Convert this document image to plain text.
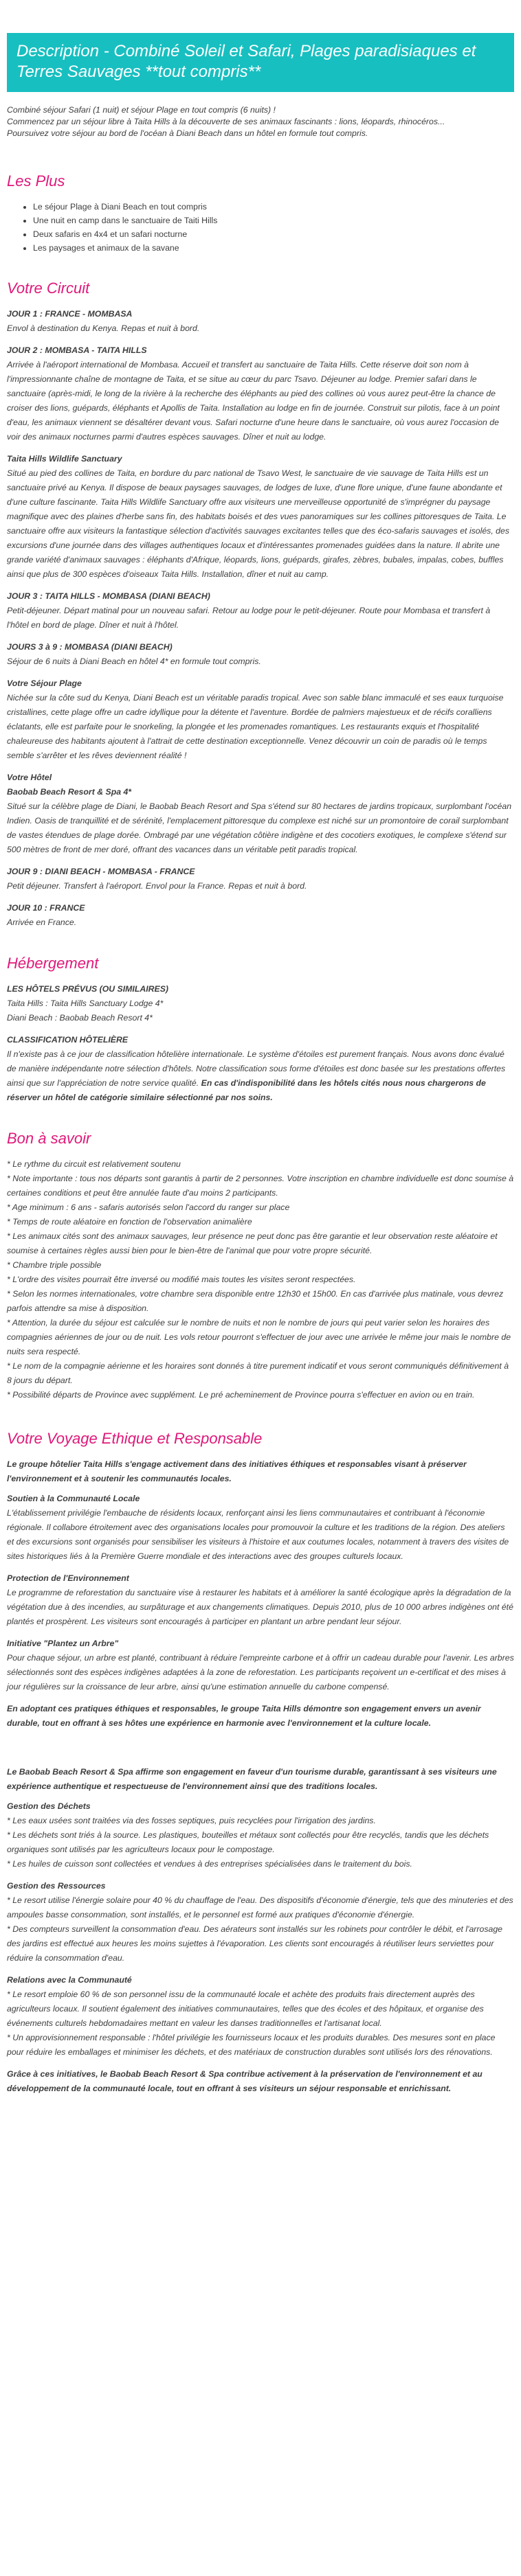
Description - Combiné Soleil et Safari, Plages paradisiaques et Terres Sauvages **tout compris**

Combiné séjour Safari (1 nuit) et séjour Plage en tout compris (6 nuits) !

Commencez par un séjour libre à Taita Hills à la découverte de ses animaux fascinants : lions, léopards, rhinocéros...

Poursuivez votre séjour au bord de l'océan à Diani Beach dans un hôtel en formule tout compris.

Les Plus
• Le séjour Plage à Diani Beach en tout compris
• Une nuit en camp dans le sanctuaire de Taiti Hills
• Deux safaris en 4x4 et un safari nocturne
• Les paysages et animaux de la savane
Votre Circuit
JOUR 1 : FRANCE - MOMBASA
Envol à destination du Kenya. Repas et nuit à bord.
JOUR 2 : MOMBASA - TAITA HILLS
Arrivée à l'aéroport international de Mombasa. Accueil et transfert au sanctuaire de Taita Hills. Cette réserve doit son nom à l'impressionnante chaîne de montagne de Taita, et se situe au cœur du parc Tsavo. Déjeuner au lodge. Premier safari dans le sanctuaire (après-midi, le long de la rivière à la recherche des éléphants au pied des collines où vous aurez peut-être la chance de croiser des lions, guépards, éléphants et Apollis de Taita. Installation au lodge en fin de journée. Construit sur pilotis, face à un point d'eau, les animaux viennent se désaltérer devant vous. Safari nocturne d'une heure dans le sanctuaire, où vous aurez l'occasion de voir des animaux nocturnes parmi d'autres espèces sauvages. Dîner et nuit au lodge.
Taita Hills Wildlife Sanctuary
Situé au pied des collines de Taita, en bordure du parc national de Tsavo West, le sanctuaire de vie sauvage de Taita Hills est un sanctuaire privé au Kenya. Il dispose de beaux paysages sauvages, de lodges de luxe, d'une flore unique, d'une faune abondante et d'une culture fascinante. Taita Hills Wildlife Sanctuary offre aux visiteurs une merveilleuse opportunité de s'imprégner du paysage magnifique avec des plaines d'herbe sans fin, des habitats boisés et des vues panoramiques sur les collines pittoresques de Taita. Le sanctuaire offre aux visiteurs la fantastique sélection d'activités sauvages excitantes telles que des éco-safaris sauvages et isolés, des excursions d'une journée dans des villages authentiques locaux et d'intéressantes promenades guidées dans la nature. Il abrite une grande variété d'animaux sauvages : éléphants d'Afrique, léopards, lions, guépards, girafes, zèbres, bubales, impalas, cobes, buffles ainsi que plus de 300 espèces d'oiseaux Taita Hills. Installation, dîner et nuit au camp.
JOUR 3 : TAITA HILLS - MOMBASA (DIANI BEACH)
Petit-déjeuner. Départ matinal pour un nouveau safari. Retour au lodge pour le petit-déjeuner. Route pour Mombasa et transfert à l'hôtel en bord de plage. Dîner et nuit à l'hôtel.
JOURS 3 à 9 : MOMBASA (DIANI BEACH)
Séjour de 6 nuits à Diani Beach en hôtel 4* en formule tout compris.
Votre Séjour Plage
Nichée sur la côte sud du Kenya, Diani Beach est un véritable paradis tropical. Avec son sable blanc immaculé et ses eaux turquoise cristallines, cette plage offre un cadre idyllique pour la détente et l'aventure. Bordée de palmiers majestueux et de récifs coralliens éclatants, elle est parfaite pour le snorkeling, la plongée et les promenades romantiques. Les restaurants exquis et l'hospitalité chaleureuse des habitants ajoutent à l'attrait de cette destination exceptionnelle. Venez découvrir un coin de paradis où le temps semble s'arrêter et les rêves deviennent réalité !
Votre Hôtel
Baobab Beach Resort & Spa 4*
Situé sur la célèbre plage de Diani, le Baobab Beach Resort and Spa s'étend sur 80 hectares de jardins tropicaux, surplombant l'océan Indien. Oasis de tranquillité et de sérénité, l'emplacement pittoresque du complexe est niché sur un promontoire de corail surplombant de vastes étendues de plage dorée. Ombragé par une végétation côtière indigène et des cocotiers exotiques, le complexe s'étend sur 500 mètres de front de mer doré, offrant des vacances dans un véritable petit paradis tropical.
JOUR 9 : DIANI BEACH - MOMBASA - FRANCE
Petit déjeuner. Transfert à l'aéroport. Envol pour la France. Repas et nuit à bord.
JOUR 10 : FRANCE
Arrivée en France.
Hébergement
LES HÔTELS PRÉVUS (OU SIMILAIRES)
Taita Hills : Taita Hills Sanctuary Lodge 4*
Diani Beach : Baobab Beach Resort 4*
CLASSIFICATION HÔTELIÈRE
Il n'existe pas à ce jour de classification hôtelière internationale. Le système d'étoiles est purement français. Nous avons donc évalué de manière indépendante notre sélection d'hôtels. Notre classification sous forme d'étoiles est donc basée sur les prestations offertes ainsi que sur l'appréciation de notre service qualité. En cas d'indisponibilité dans les hôtels cités nous nous chargerons de réserver un hôtel de catégorie similaire sélectionné par nos soins.
Bon à savoir
* Le rythme du circuit est relativement soutenu
* Note importante : tous nos départs sont garantis à partir de 2 personnes. Votre inscription en chambre individuelle est donc soumise à certaines conditions et peut être annulée faute d'au moins 2 participants.
* Age minimum : 6 ans - safaris autorisés selon l'accord du ranger sur place
* Temps de route aléatoire en fonction de l'observation animalière
* Les animaux cités sont des animaux sauvages, leur présence ne peut donc pas être garantie et leur observation reste aléatoire et soumise à certaines règles aussi bien pour le bien-être de l'animal que pour votre propre sécurité.
* Chambre triple possible
* L'ordre des visites pourrait être inversé ou modifié mais toutes les visites seront respectées.
* Selon les normes internationales, votre chambre sera disponible entre 12h30 et 15h00. En cas d'arrivée plus matinale, vous devrez parfois attendre sa mise à disposition.
* Attention, la durée du séjour est calculée sur le nombre de nuits et non le nombre de jours qui peut varier selon les horaires des compagnies aériennes de jour ou de nuit. Les vols retour pourront s'effectuer de jour avec une arrivée le même jour mais le nombre de nuits sera respecté.
* Le nom de la compagnie aérienne et les horaires sont donnés à titre purement indicatif et vous seront communiqués définitivement à 8 jours du départ.
* Possibilité départs de Province avec supplément. Le pré acheminement de Province pourra s'effectuer en avion ou en train.
Votre Voyage Ethique et Responsable
Le groupe hôtelier Taita Hills s'engage activement dans des initiatives éthiques et responsables visant à préserver l'environnement et à soutenir les communautés locales.
Soutien à la Communauté Locale
L'établissement privilégie l'embauche de résidents locaux, renforçant ainsi les liens communautaires et contribuant à l'économie régionale. Il collabore étroitement avec des organisations locales pour promouvoir la culture et les traditions de la région. Des ateliers et des excursions sont organisés pour sensibiliser les visiteurs à l'histoire et aux coutumes locales, notamment à travers des visites de sites historiques liés à la Première Guerre mondiale et des interactions avec des groupes culturels locaux.
Protection de l'Environnement
Le programme de reforestation du sanctuaire vise à restaurer les habitats et à améliorer la santé écologique après la dégradation de la végétation due à des incendies, au surpâturage et aux changements climatiques. Depuis 2010, plus de 10 000 arbres indigènes ont été plantés et prospèrent. Les visiteurs sont encouragés à participer en plantant un arbre pendant leur séjour.
Initiative "Plantez un Arbre"
Pour chaque séjour, un arbre est planté, contribuant à réduire l'empreinte carbone et à offrir un cadeau durable pour l'avenir. Les arbres sélectionnés sont des espèces indigènes adaptées à la zone de reforestation. Les participants reçoivent un e-certificat et des mises à jour régulières sur la croissance de leur arbre, ainsi qu'une estimation annuelle du carbone compensé.
En adoptant ces pratiques éthiques et responsables, le groupe Taita Hills démontre son engagement envers un avenir durable, tout en offrant à ses hôtes une expérience en harmonie avec l'environnement et la culture locale.
Le Baobab Beach Resort & Spa affirme son engagement en faveur d'un tourisme durable, garantissant à ses visiteurs une expérience authentique et respectueuse de l'environnement ainsi que des traditions locales.
Gestion des Déchets
* Les eaux usées sont traitées via des fosses septiques, puis recyclées pour l'irrigation des jardins.
* Les déchets sont triés à la source. Les plastiques, bouteilles et métaux sont collectés pour être recyclés, tandis que les déchets organiques sont utilisés par les agriculteurs locaux pour le compostage.
* Les huiles de cuisson sont collectées et vendues à des entreprises spécialisées dans le traitement du bois.
Gestion des Ressources
* Le resort utilise l'énergie solaire pour 40 % du chauffage de l'eau. Des dispositifs d'économie d'énergie, tels que des minuteries et des ampoules basse consommation, sont installés, et le personnel est formé aux pratiques d'économie d'énergie.
* Des compteurs surveillent la consommation d'eau. Des aérateurs sont installés sur les robinets pour contrôler le débit, et l'arrosage des jardins est effectué aux heures les moins sujettes à l'évaporation. Les clients sont encouragés à réutiliser leurs serviettes pour réduire la consommation d'eau.
Relations avec la Communauté
* Le resort emploie 60 % de son personnel issu de la communauté locale et achète des produits frais directement auprès des agriculteurs locaux. Il soutient également des initiatives communautaires, telles que des écoles et des hôpitaux, et organise des événements culturels hebdomadaires mettant en valeur les danses traditionnelles et l'artisanat local.
* Un approvisionnement responsable : l'hôtel privilégie les fournisseurs locaux et les produits durables. Des mesures sont en place pour réduire les emballages et minimiser les déchets, et des matériaux de construction durables sont utilisés lors des rénovations.
Grâce à ces initiatives, le Baobab Beach Resort & Spa contribue activement à la préservation de l'environnement et au développement de la communauté locale, tout en offrant à ses visiteurs un séjour responsable et enrichissant.
